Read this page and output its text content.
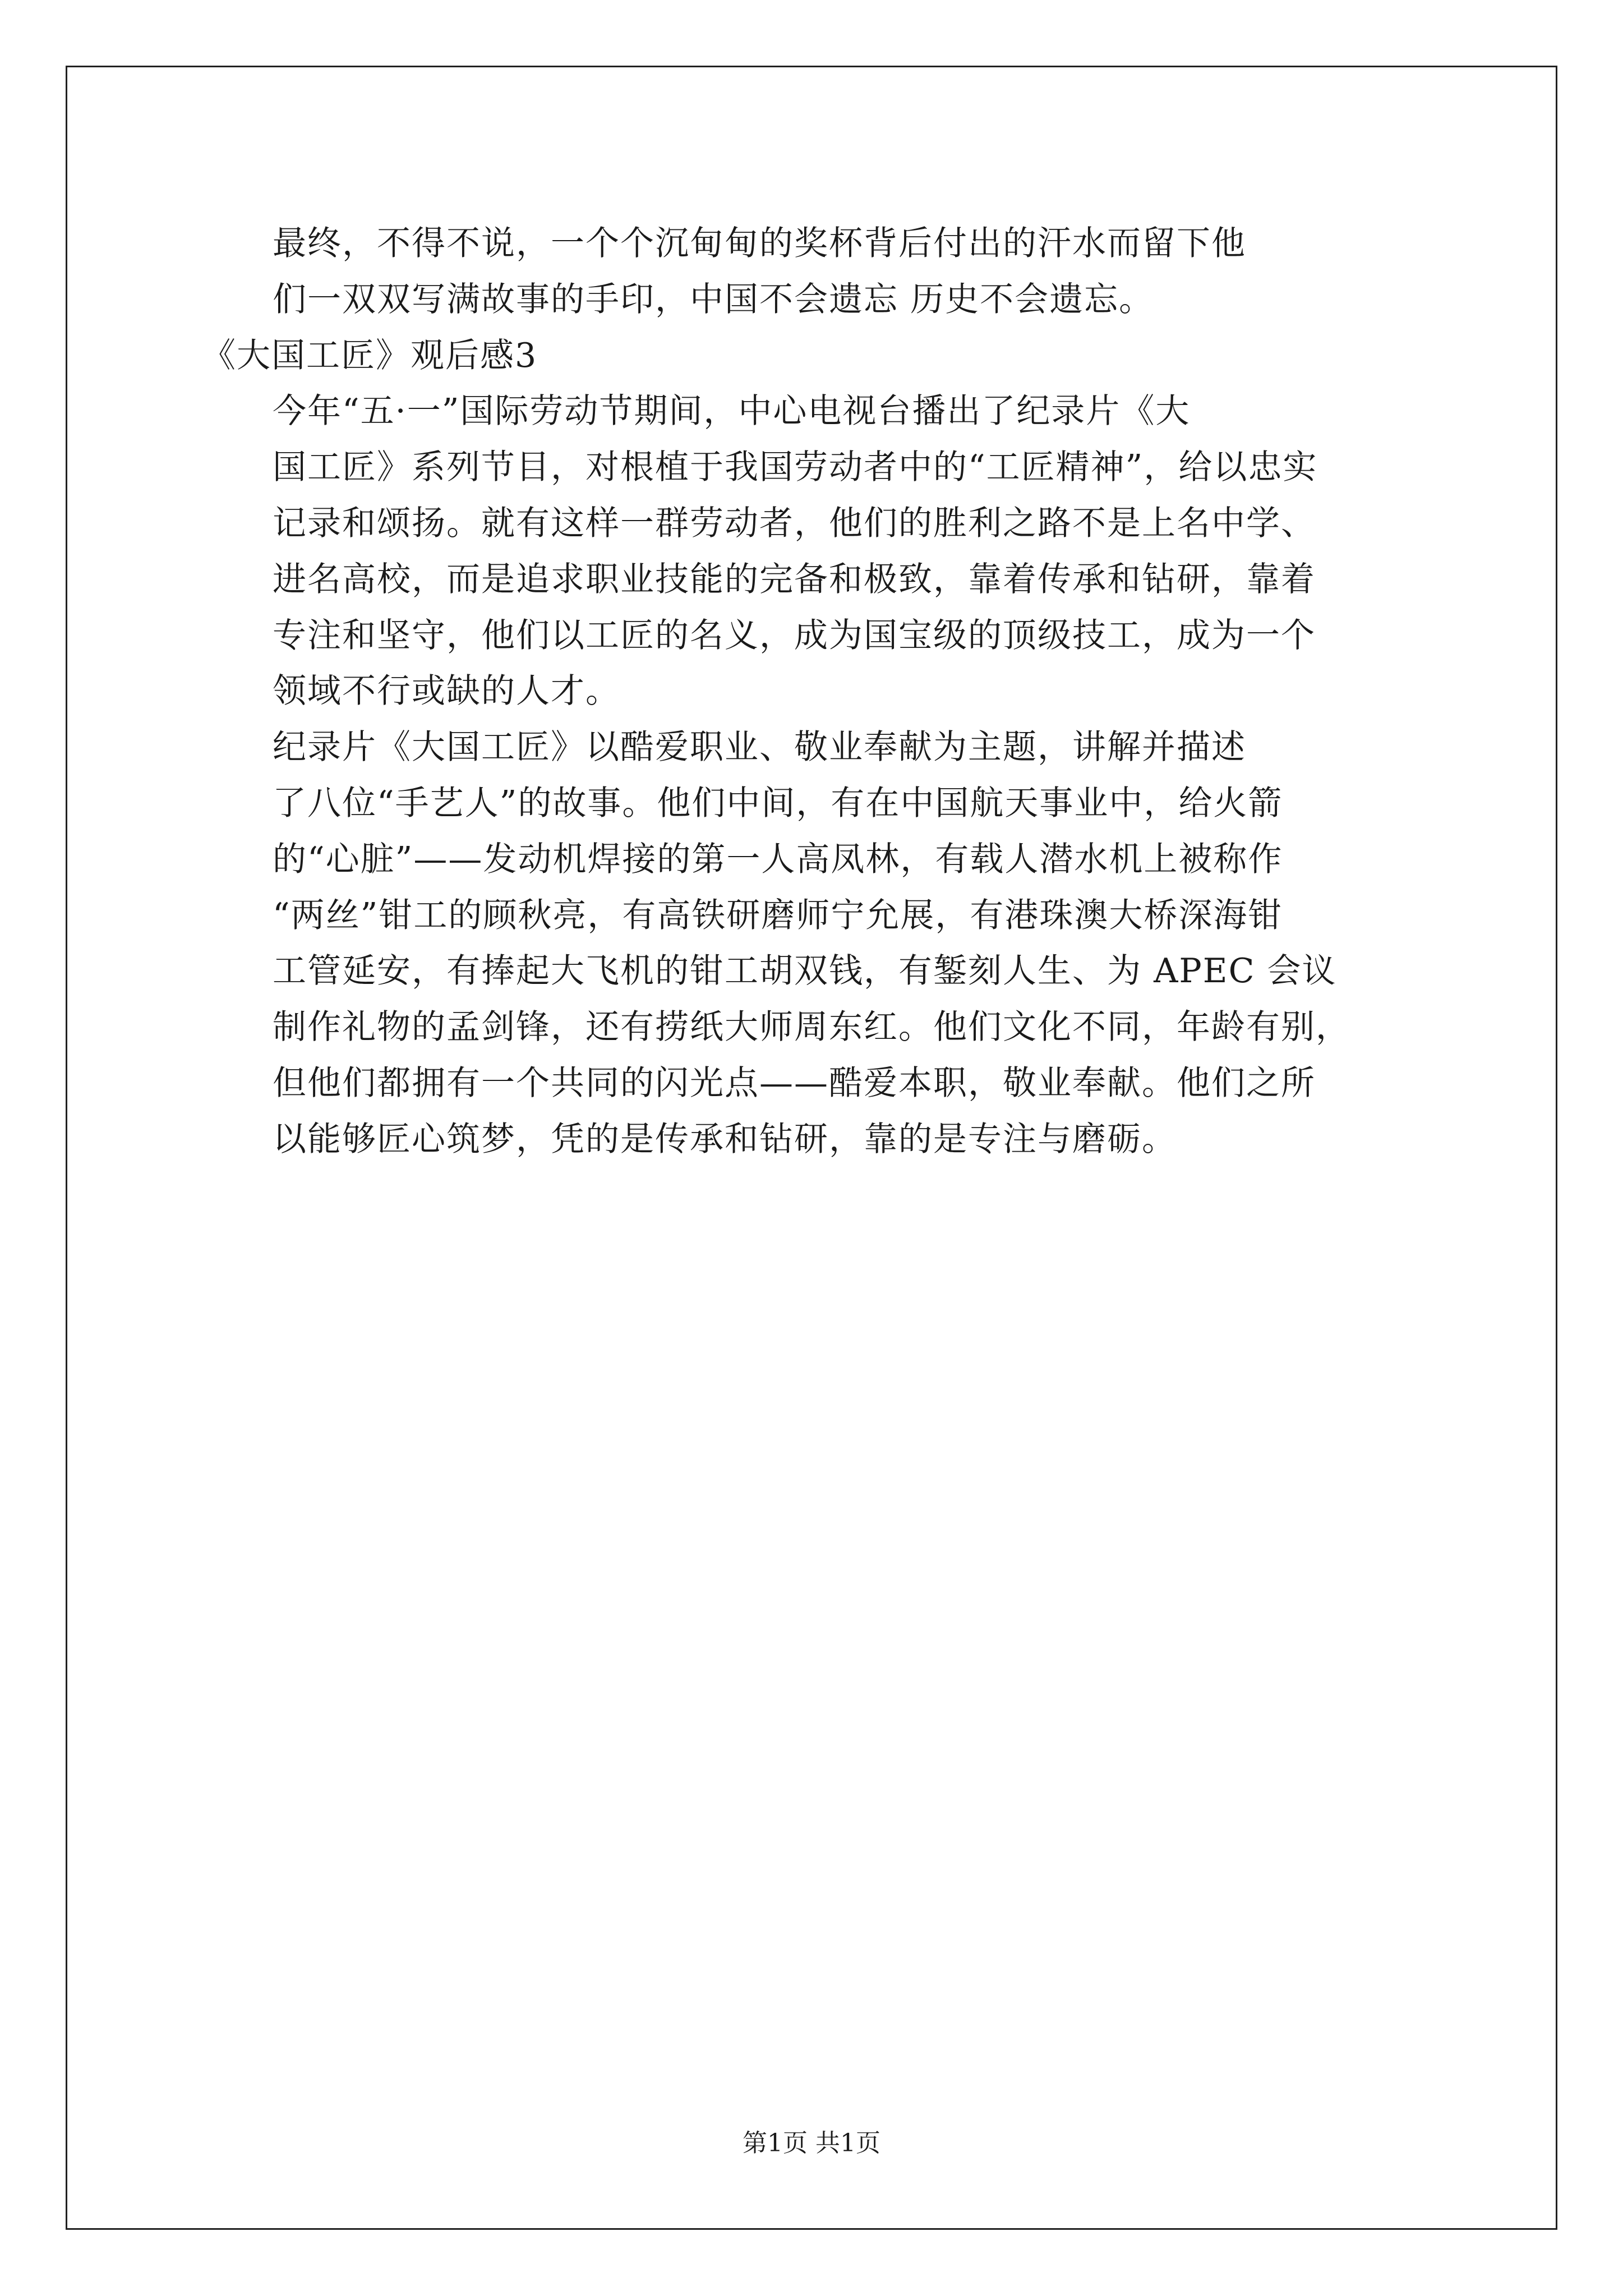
最终，不得不说，一个个沉甸甸的奖杯背后付出的汗水而留下他
们一双双写满故事的手印，中国不会遗忘 历史不会遗忘。

《大国工匠》观后感3

今年“五·一”国际劳动节期间，中心电视台播出了纪录片《大
国工匠》系列节目，对根植于我国劳动者中的“工匠精神”，给以忠实
记录和颂扬。就有这样一群劳动者，他们的胜利之路不是上名中学、
进名高校，而是追求职业技能的完备和极致，靠着传承和钻研，靠着
专注和坚守，他们以工匠的名义，成为国宝级的顶级技工，成为一个
领域不行或缺的人才。

纪录片《大国工匠》以酷爱职业、敬业奉献为主题，讲解并描述
了八位“手艺人”的故事。他们中间，有在中国航天事业中，给火箭
的“心脏”——发动机焊接的第一人高凤林，有载人潜水机上被称作
“两丝”钳工的顾秋亮，有高铁研磨师宁允展，有港珠澳大桥深海钳
工管延安，有捧起大飞机的钳工胡双钱，有錾刻人生、为 APEC 会议
制作礼物的孟剑锋，还有捞纸大师周东红。他们文化不同，年龄有别，
但他们都拥有一个共同的闪光点——酷爱本职，敬业奉献。他们之所
以能够匠心筑梦，凭的是传承和钻研，靠的是专注与磨砺。

第1页 共1页
